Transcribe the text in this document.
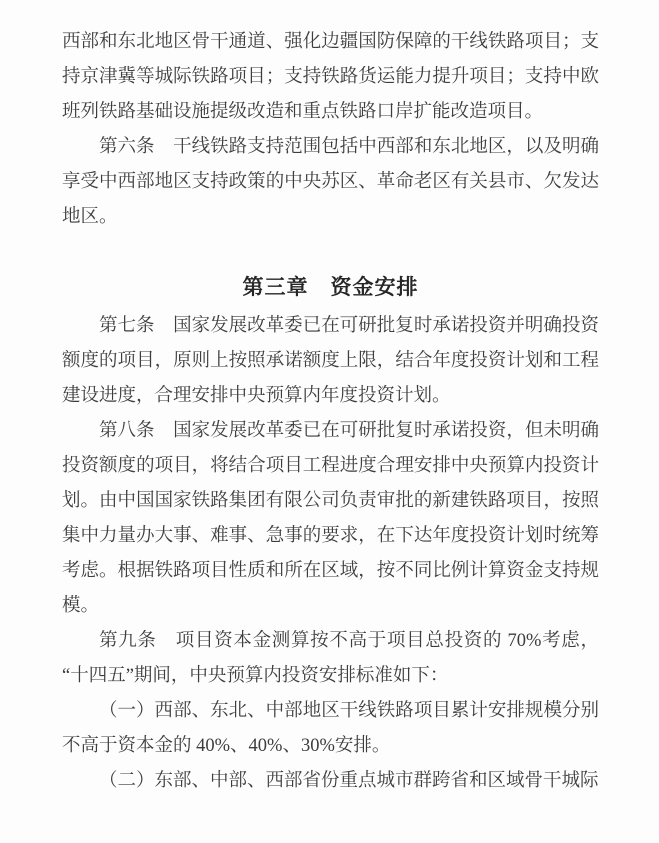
西部和东北地区骨干通道、强化边疆国防保障的干线铁路项目；支持京津冀等城际铁路项目；支持铁路货运能力提升项目；支持中欧班列铁路基础设施提级改造和重点铁路口岸扩能改造项目。

第六条　干线铁路支持范围包括中西部和东北地区，以及明确享受中西部地区支持政策的中央苏区、革命老区有关县市、欠发达地区。

第三章　资金安排

第七条　国家发展改革委已在可研批复时承诺投资并明确投资额度的项目，原则上按照承诺额度上限，结合年度投资计划和工程建设进度，合理安排中央预算内年度投资计划。

第八条　国家发展改革委已在可研批复时承诺投资，但未明确投资额度的项目，将结合项目工程进度合理安排中央预算内投资计划。由中国国家铁路集团有限公司负责审批的新建铁路项目，按照集中力量办大事、难事、急事的要求，在下达年度投资计划时统筹考虑。根据铁路项目性质和所在区域，按不同比例计算资金支持规模。

第九条　项目资本金测算按不高于项目总投资的 70%考虑，“十四五”期间，中央预算内投资安排标准如下：

（一）西部、东北、中部地区干线铁路项目累计安排规模分别不高于资本金的 40%、40%、30%安排。

（二）东部、中部、西部省份重点城市群跨省和区域骨干城际
